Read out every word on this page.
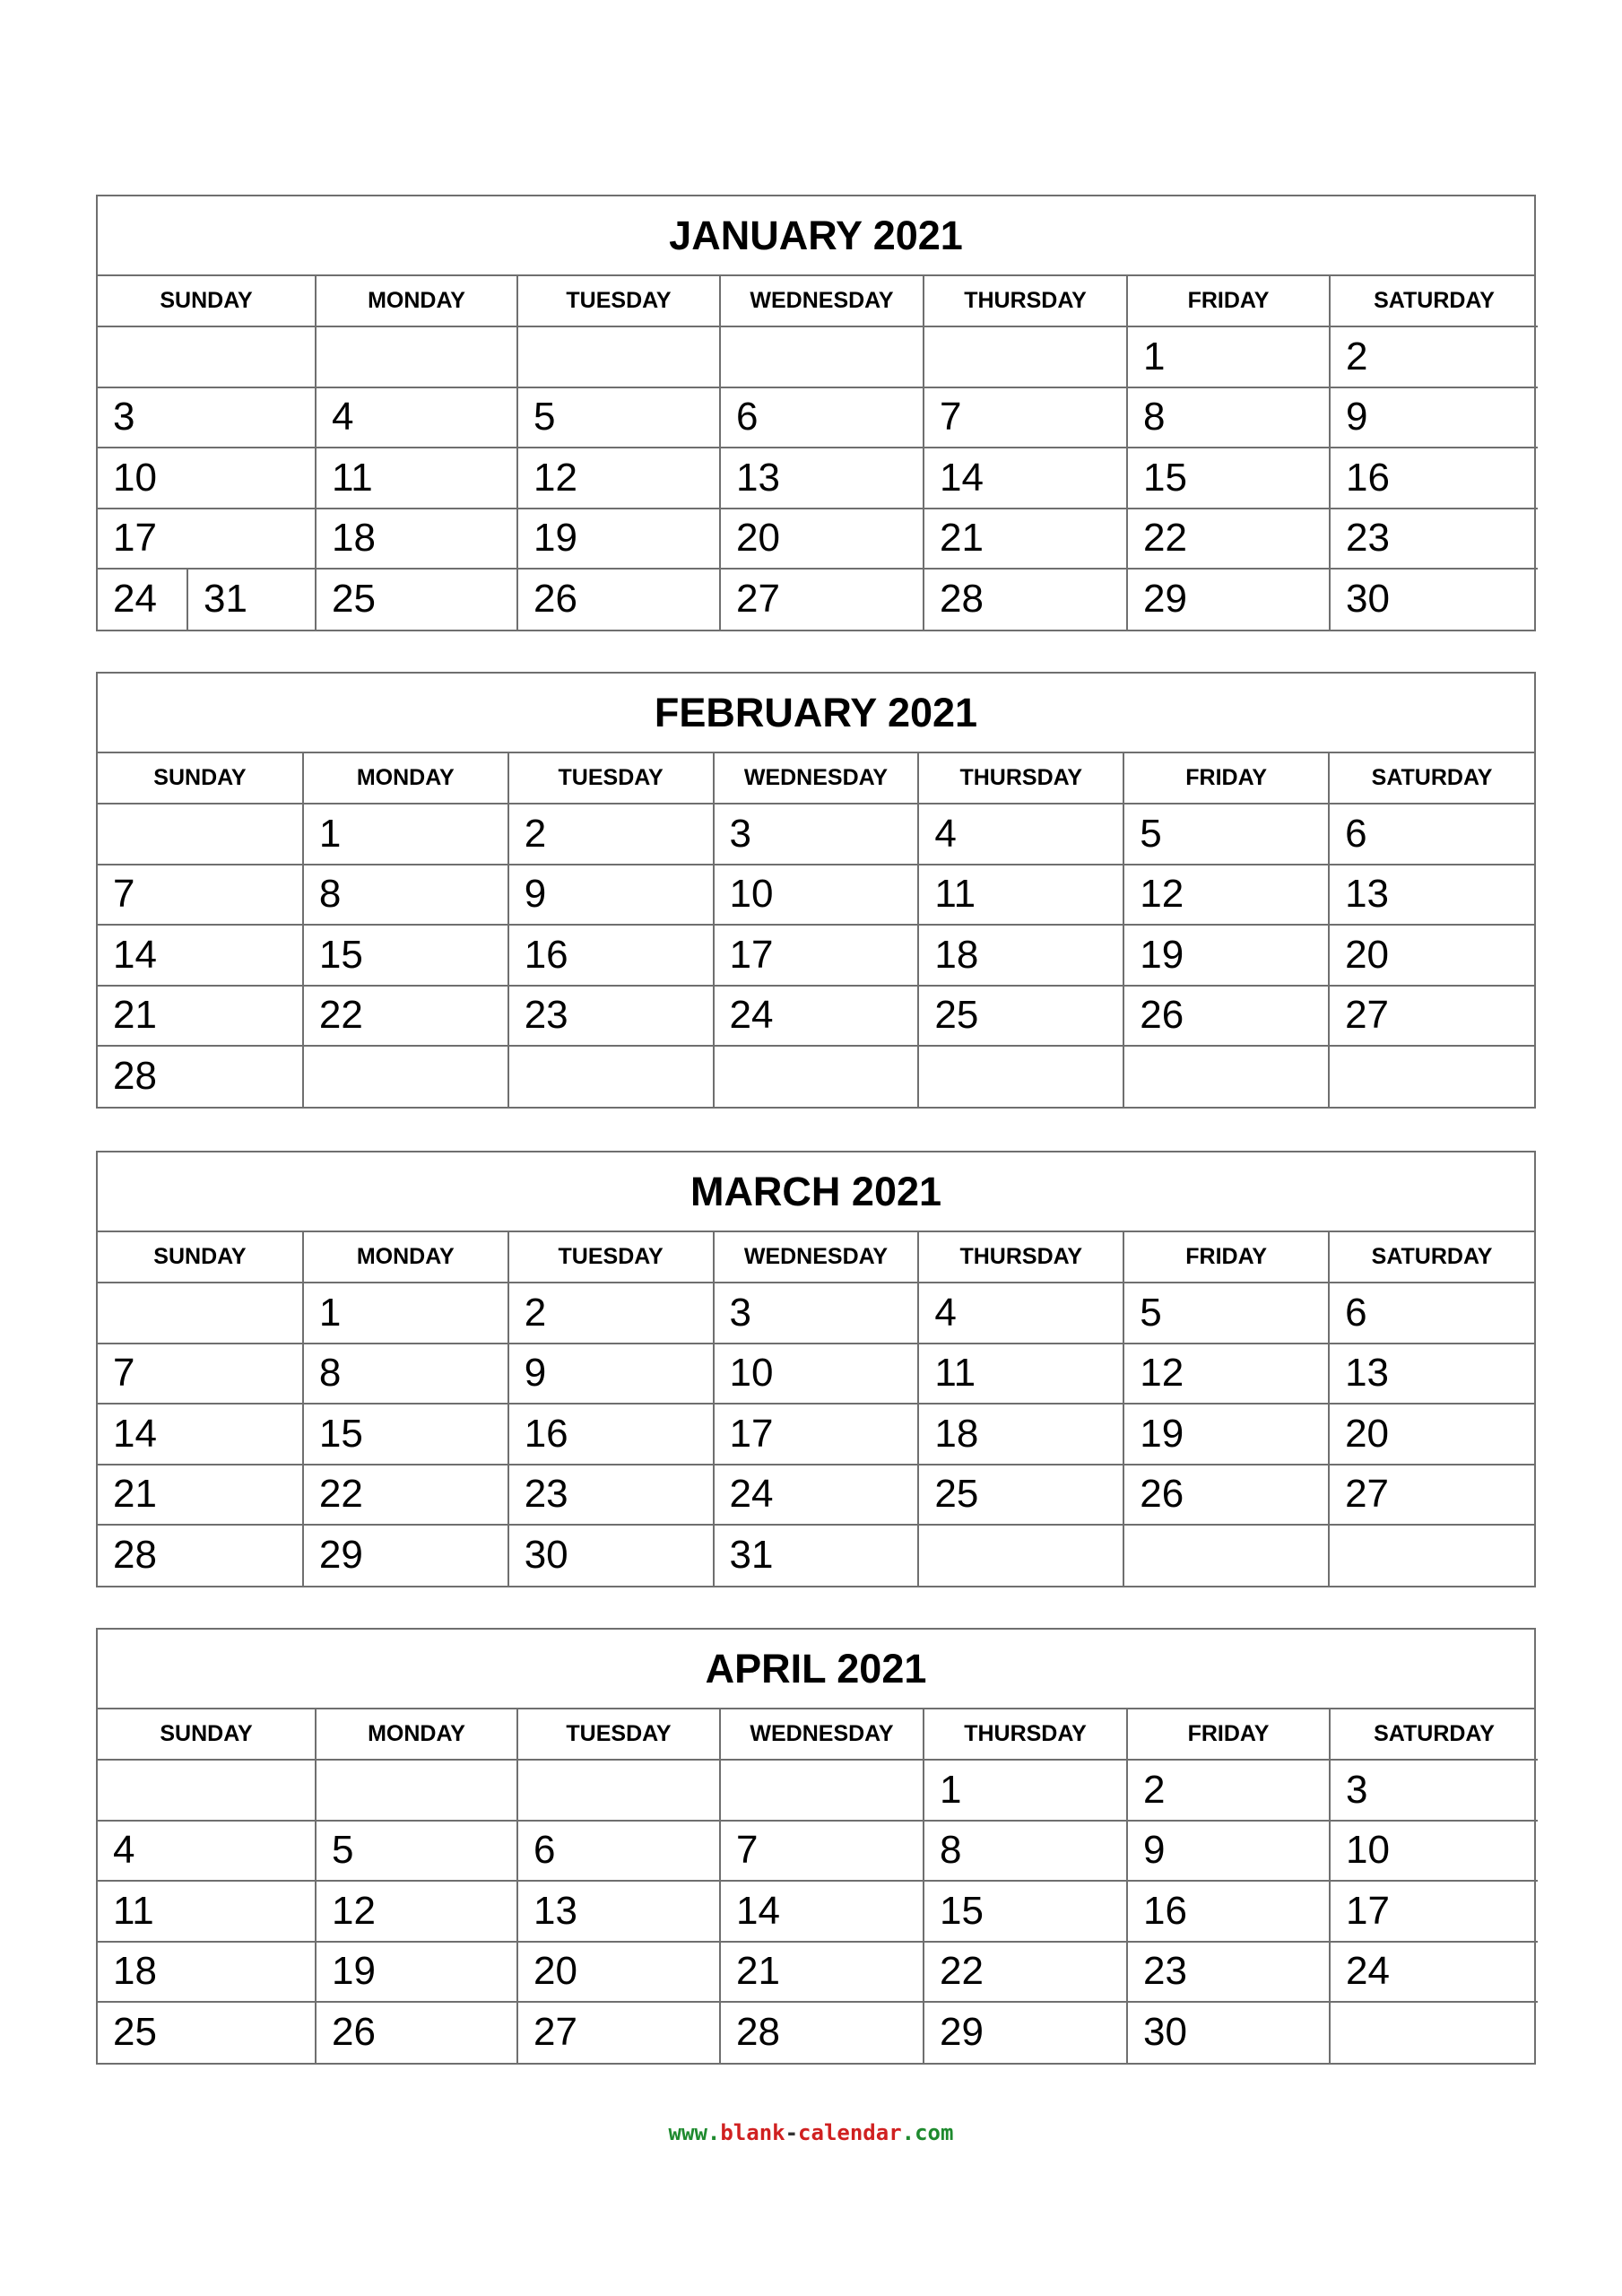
JANUARY 2021
SUNDAY	MONDAY	TUESDAY	WEDNESDAY	THURSDAY	FRIDAY	SATURDAY
					1	2
3	4	5	6	7	8	9
10	11	12	13	14	15	16
17	18	19	20	21	22	23

24 31	25	26	27	28	29	30
FEBRUARY 2021
SUNDAY	MONDAY	TUESDAY	WEDNESDAY	THURSDAY	FRIDAY	SATURDAY
	1	2	3	4	5	6
7	8	9	10	11	12	13
14	15	16	17	18	19	20
21	22	23	24	25	26	27
28						
MARCH 2021
SUNDAY	MONDAY	TUESDAY	WEDNESDAY	THURSDAY	FRIDAY	SATURDAY
	1	2	3	4	5	6
7	8	9	10	11	12	13
14	15	16	17	18	19	20
21	22	23	24	25	26	27
28	29	30	31			
APRIL 2021
SUNDAY	MONDAY	TUESDAY	WEDNESDAY	THURSDAY	FRIDAY	SATURDAY
				1	2	3
4	5	6	7	8	9	10
11	12	13	14	15	16	17
18	19	20	21	22	23	24
25	26	27	28	29	30	
www.blank-calendar.com
